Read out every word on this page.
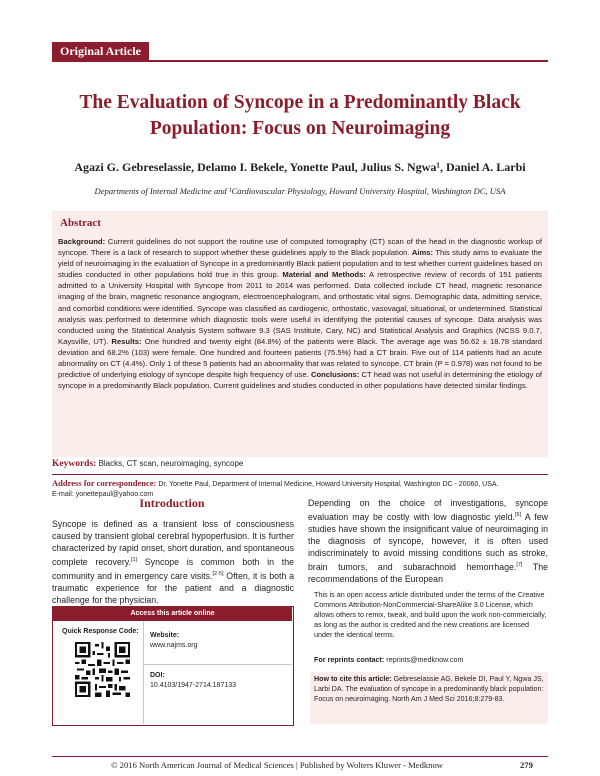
Original Article
The Evaluation of Syncope in a Predominantly Black Population: Focus on Neuroimaging
Agazi G. Gebreselassie, Delamo I. Bekele, Yonette Paul, Julius S. Ngwa¹, Daniel A. Larbi
Departments of Internal Medicine and ¹Cardiovascular Physiology, Howard University Hospital, Washington DC, USA
Abstract
Background: Current guidelines do not support the routine use of computed tomography (CT) scan of the head in the diagnostic workup of syncope. There is a lack of research to support whether these guidelines apply to the Black population. Aims: This study aims to evaluate the yield of neuroimaging in the evaluation of Syncope in a predominantly Black patient population and to test whether current guidelines based on studies conducted in other populations hold true in this group. Material and Methods: A retrospective review of records of 151 patients admitted to a University Hospital with Syncope from 2011 to 2014 was performed. Data collected include CT head, magnetic resonance imaging of the brain, magnetic resonance angiogram, electroencephalogram, and orthostatic vital signs. Demographic data, admitting service, and comorbid conditions were identified. Syncope was classified as cardiogenic, orthostatic, vasovagal, situational, or undetermined. Statistical analysis was performed to determine which diagnostic tools were useful in identifying the potential causes of syncope. Data analysis was conducted using the Statistical Analysis System software 9.3 (SAS Institute, Cary, NC) and Statistical Analysis and Graphics (NCSS 9.0.7, Kaysville, UT). Results: One hundred and twenty eight (84.8%) of the patients were Black. The average age was 56.62 ± 18.78 standard deviation and 68.2% (103) were female. One hundred and fourteen patients (75.5%) had a CT brain. Five out of 114 patients had an acute abnormality on CT (4.4%). Only 1 of these 5 patients had an abnormality that was related to syncope. CT brain (P = 0.978) was not found to be predictive of underlying etiology of syncope despite high frequency of use. Conclusions: CT head was not useful in determining the etiology of syncope in a predominantly Black population. Current guidelines and studies conducted in other populations have detected similar findings.
Keywords: Blacks, CT scan, neuroimaging, syncope
Address for correspondence: Dr. Yonette Paul, Department of Internal Medicine, Howard University Hospital, Washington DC - 20060, USA.
E-mail: yonettepaul@yahoo.com
Introduction
Syncope is defined as a transient loss of consciousness caused by transient global cerebral hypoperfusion. It is further characterized by rapid onset, short duration, and spontaneous complete recovery.[1] Syncope is common both in the community and in emergency care visits.[2-5] Often, it is both a traumatic experience for the patient and a diagnostic challenge for the physician.
Depending on the choice of investigations, syncope evaluation may be costly with low diagnostic yield.[6] A few studies have shown the insignificant value of neuroimaging in the diagnosis of syncope, however, it is often used indiscriminately to avoid missing conditions such as stroke, brain tumors, and subarachnoid hemorrhage.[7] The recommendations of the European
Access this article online
Quick Response Code:
Website:
www.najms.org
DOI:
10.4103/1947-2714.187133
This is an open access article distributed under the terms of the Creative Commons Attribution-NonCommercial-ShareAlike 3.0 License, which allows others to remix, tweak, and build upon the work non-commercially, as long as the author is credited and the new creations are licensed under the identical terms.
For reprints contact: reprints@medknow.com
How to cite this article: Gebreselassie AG, Bekele DI, Paul Y, Ngwa JS, Larbi DA. The evaluation of syncope in a predominantly black population: Focus on neuroimaging. North Am J Med Sci 2016;8:279-83.
© 2016 North American Journal of Medical Sciences | Published by Wolters Kluwer - Medknow	279
